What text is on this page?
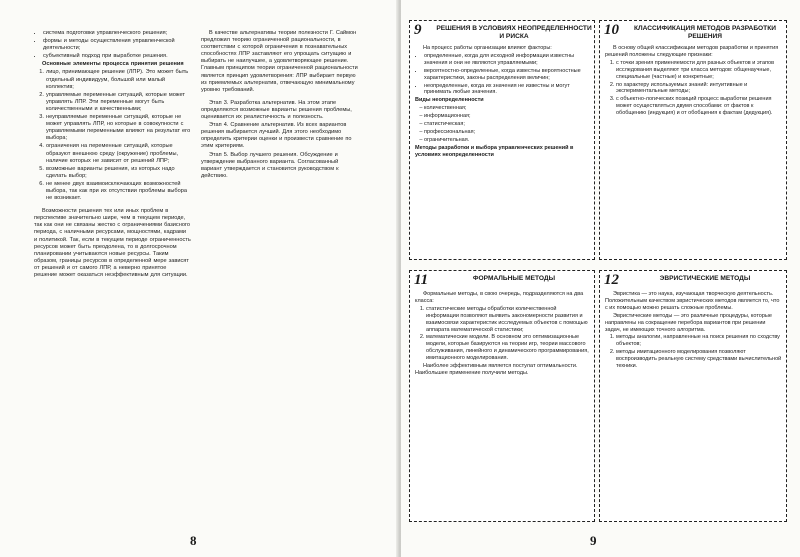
• система подготовки управленческого решения;
• формы и методы осуществления управленческой деятельности;
• субъективный подход при выработке решения.

Основные элементы процесса принятия решения

1. лицо, принимающее решение (ЛПР). Это может быть отдельный индивидуум, большой или малый коллектив;
2. управляемые переменные ситуаций, которые может управлять ЛПР. Эти переменные могут быть количественными и качественными;
3. неуправляемые переменные ситуаций, которые не может управлять ЛПР, но которые в совокупности с управляемыми переменными влияют на результат его выбора;
4. ограничения на переменные ситуаций, которые образуют внешнюю среду (окружение) проблемы, наличие которых не зависит от решений ЛПР;
5. возможные варианты решения, из которых надо сделать выбор;
6. не менее двух взаимоисключающих возможностей выбора, так как при их отсутствии проблемы выбора не возникает.

Возможности решения тех или иных проблем в перспективе значительно шире, чем в текущем периоде, так как они не связаны жестко с ограничениями базисного периода, с наличными ресурсами, мощностями, кадрами и политикой. Так, если в текущем периоде ограниченность ресурсов может быть преодолена, то в долгосрочном планировании учитываются новые ресурсы. Таким образом, границы ресурсов в определенной мере зависят от решений и от самого ЛПР, а неверно принятое решение может оказаться неэффективным для ситуации.

В качестве альтернативы теории полезности Г. Саймон предложил теорию ограниченной рациональности, в соответствии с которой ограничения в познавательных способностях ЛПР заставляют его упрощать ситуацию и выбирать не наилучшее, а удовлетворяющее решение. Главным принципом теории ограниченной рациональности является принцип удовлетворения: ЛПР выбирает первую из приемлемых альтернатив, отвечающую минимальному уровню требований.

Этап 3. Разработка альтернатив. На этом этапе определяются возможные варианты решения проблемы, оценивается их реалистичность и полезность.

Этап 4. Сравнение альтернатив. Из всех вариантов решения выбирается лучший. Для этого необходимо определить критерии оценки и произвести сравнение по этим критериям.

Этап 5. Выбор лучшего решения. Обсуждение и утверждение выбранного варианта. Согласованный вариант утверждается и становится руководством к действию.

8
9 РЕШЕНИЯ В УСЛОВИЯХ НЕОПРЕДЕЛЕННОСТИ И РИСКА

На процесс работы организации влияют факторы:

• определенные, когда для исходной информации известны значения и они не являются управляемыми;
• вероятностно-определенные, когда известны вероятностные характеристики, законы распределения величин;
• неопределенные, когда их значения не известны и могут принимать любые значения.

Виды неопределенности

– количественная;
– информационная;
– статистическая;
– профессиональная;
– ограничительная.

Методы разработки и выбора управленческих решений в условиях неопределенности

10	КЛАССИФИКАЦИЯ МЕТОДОВ РАЗРАБОТКИ РЕШЕНИЯ

В основу общей классификации методов разработки и принятия решений положены следующие признаки:

1. с точки зрения применяемости для разных объектов и этапов исследования выделяют три класса методов: общенаучные, специальные (частные) и конкретные;
2. по характеру используемых знаний: интуитивные и экспериментальные методы;
3. с объектно-логических позиций процесс выработки решения может осуществляться двумя способами: от фактов к обобщению (индукция) и от обобщения к фактам (дедукция).
11	ФОРМАЛЬНЫЕ МЕТОДЫ

Формальные методы, в свою очередь, подразделяются на два класса:

1. статистические методы обработки количественной информации позволяют выявить закономерности развития и взаимосвязи характеристик исследуемых объектов с помощью аппарата математической статистики;
2. математические модели. В основном это оптимизационные модели, которые базируются на теории игр, теории массового обслуживания, линейного и динамического программирования, имитационного моделирования.

Наиболее эффективным является постулат оптимальности. Наибольшее применение получили методы.

12	ЭВРИСТИЧЕСКИЕ МЕТОДЫ

Эвристика — это наука, изучающая творческую деятельность. Положительным качеством эвристических методов является то, что с их помощью можно решать сложные проблемы.

Эвристические методы — это различные процедуры, которые направлены на сокращение перебора вариантов при решении задач, не имеющих точного алгоритма.

1. методы аналогии, направленные на поиск решения по сходству объектов;
2. методы имитационного моделирования позволяют воспроизводить реальную систему средствами вычислительной техники.
9
